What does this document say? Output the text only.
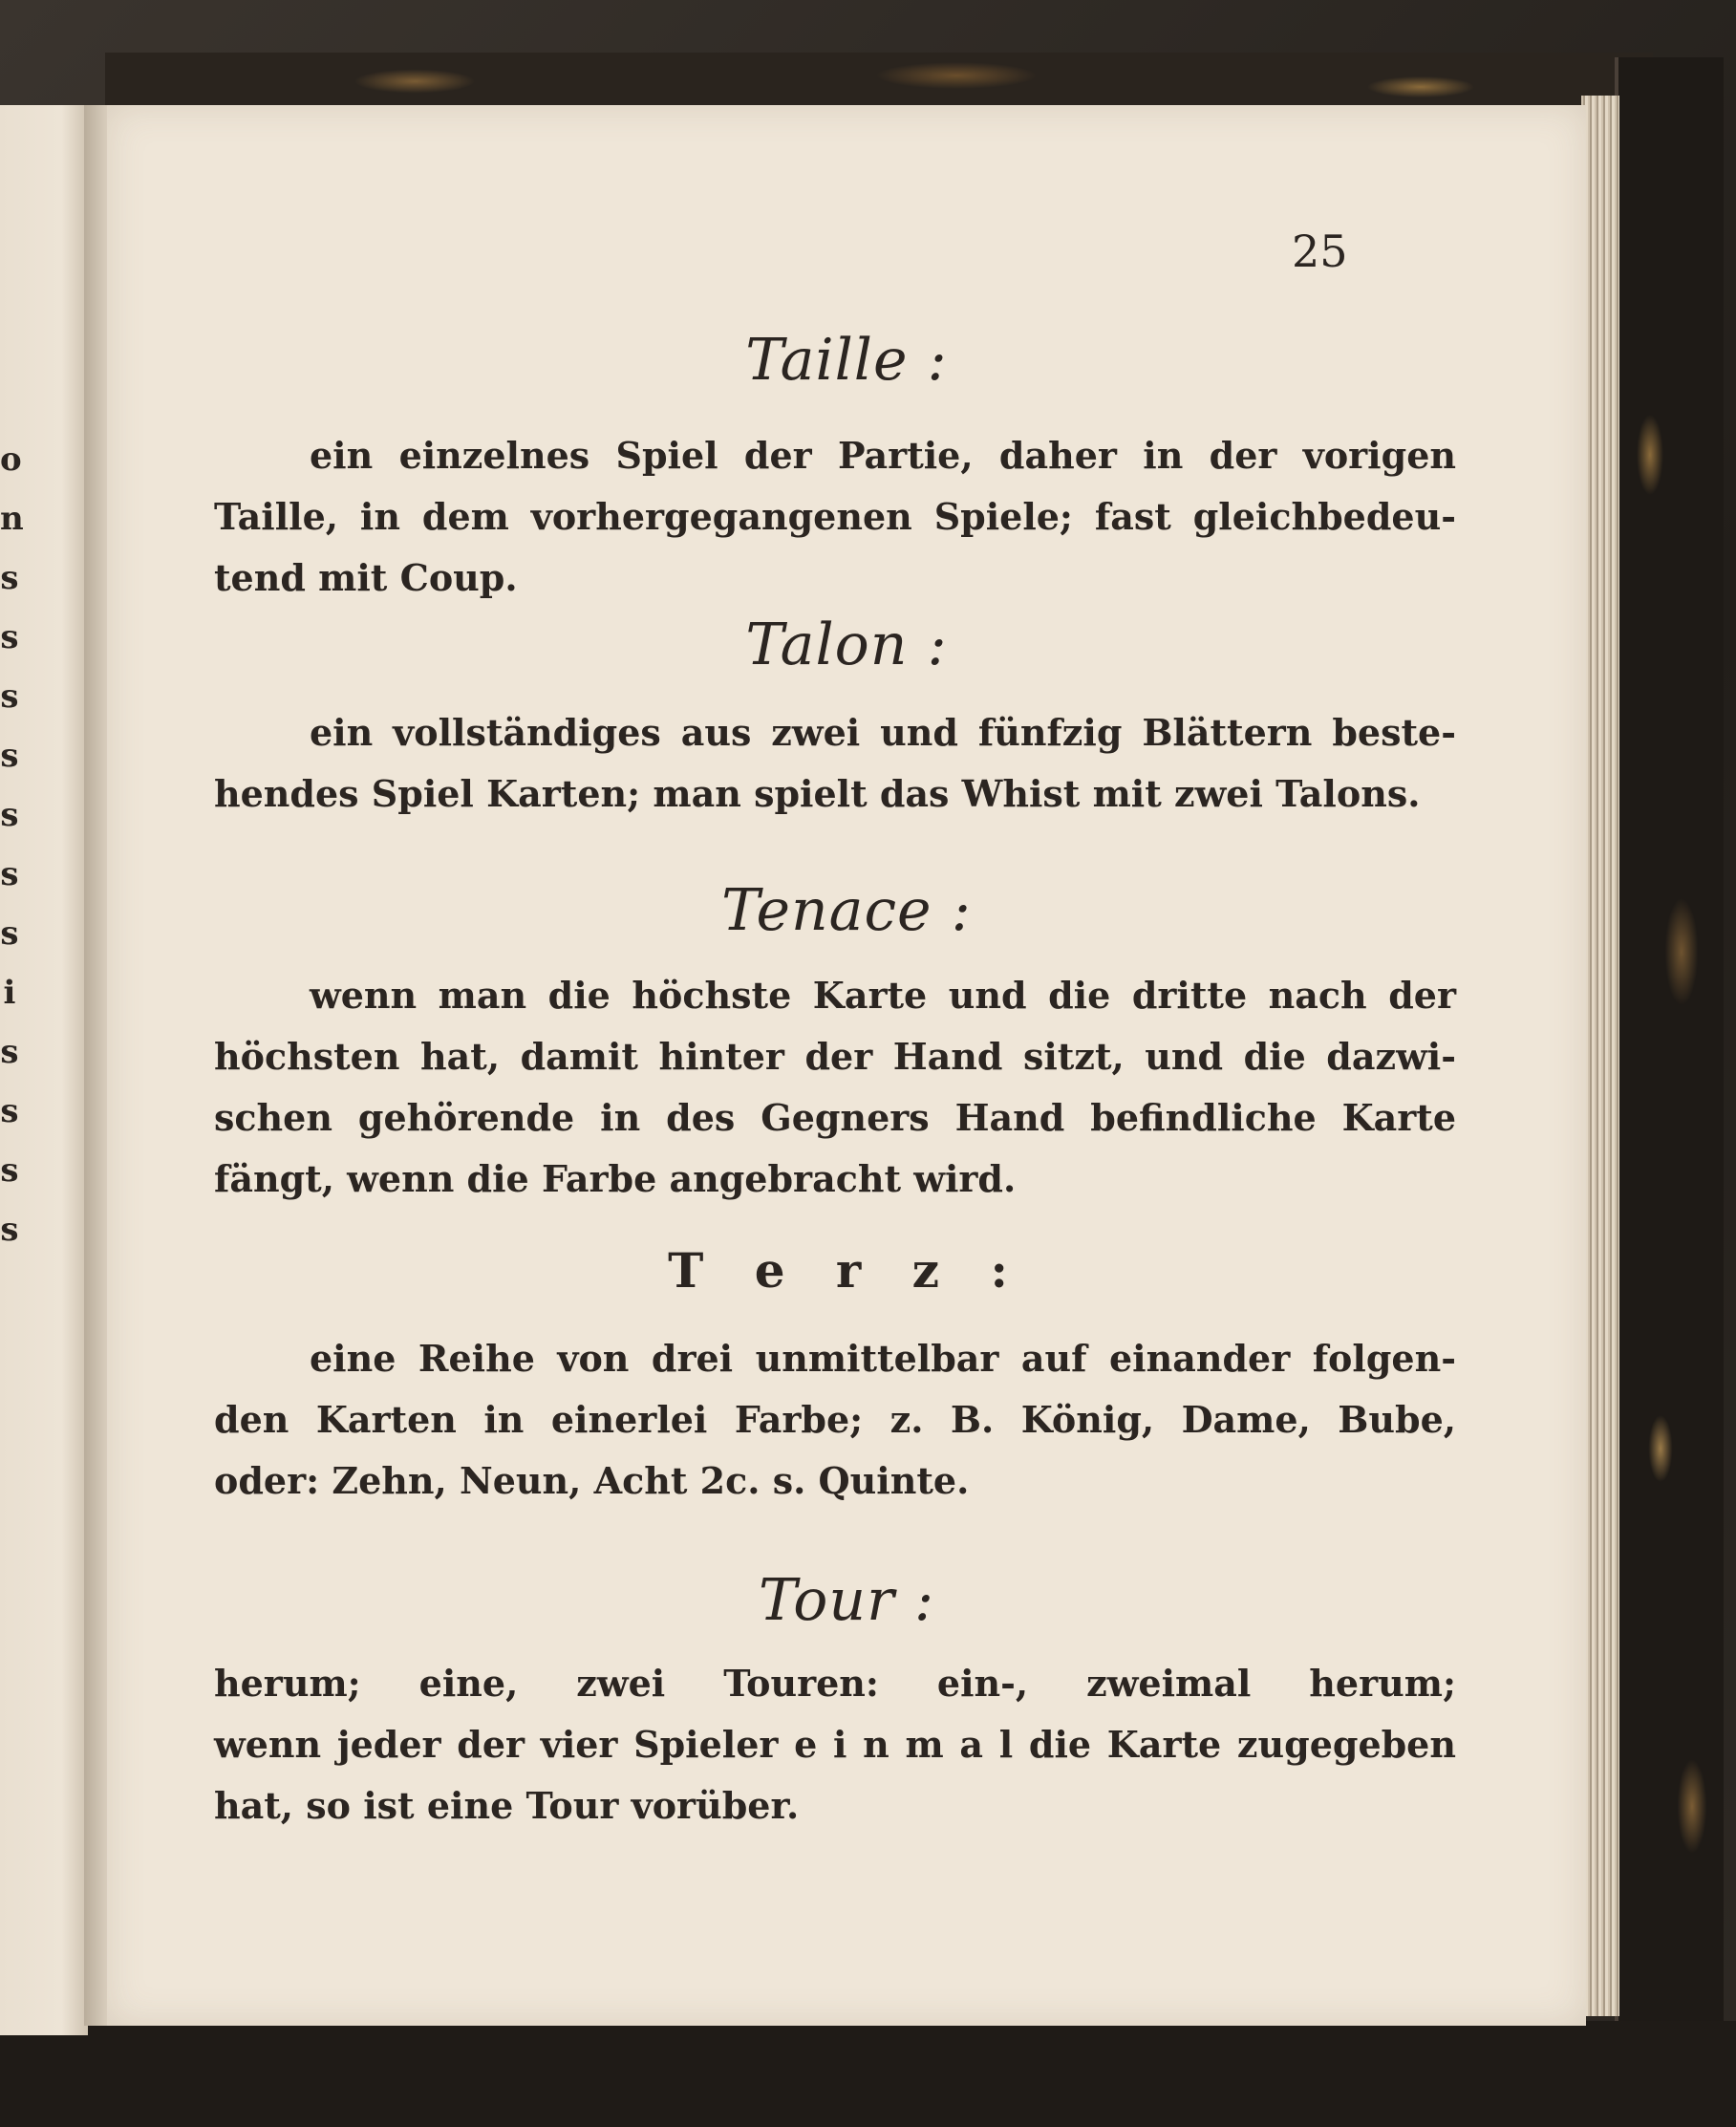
o
n
s
s
s
s
s
s
s
i
s
s
s
s
25
Taille :
ein einzelnes Spiel der Partie, daher in der vorigen
Taille, in dem vorhergegangenen Spiele; fast gleichbedeu-
tend mit Coup.
Talon :
ein vollständiges aus zwei und fünfzig Blättern beste-
hendes Spiel Karten; man spielt das Whist mit zwei Talons.
Tenace :
wenn man die höchste Karte und die dritte nach der
höchsten hat, damit hinter der Hand sitzt, und die dazwi-
schen gehörende in des Gegners Hand befindliche Karte
fängt, wenn die Farbe angebracht wird.
T e r z :
eine Reihe von drei unmittelbar auf einander folgen-
den Karten in einerlei Farbe; z. B. König, Dame, Bube,
oder: Zehn, Neun, Acht 2c. s. Quinte.
Tour :
herum; eine, zwei Touren: ein-, zweimal herum;
wenn jeder der vier Spieler e i n m a l die Karte zugegeben
hat, so ist eine Tour vorüber.
